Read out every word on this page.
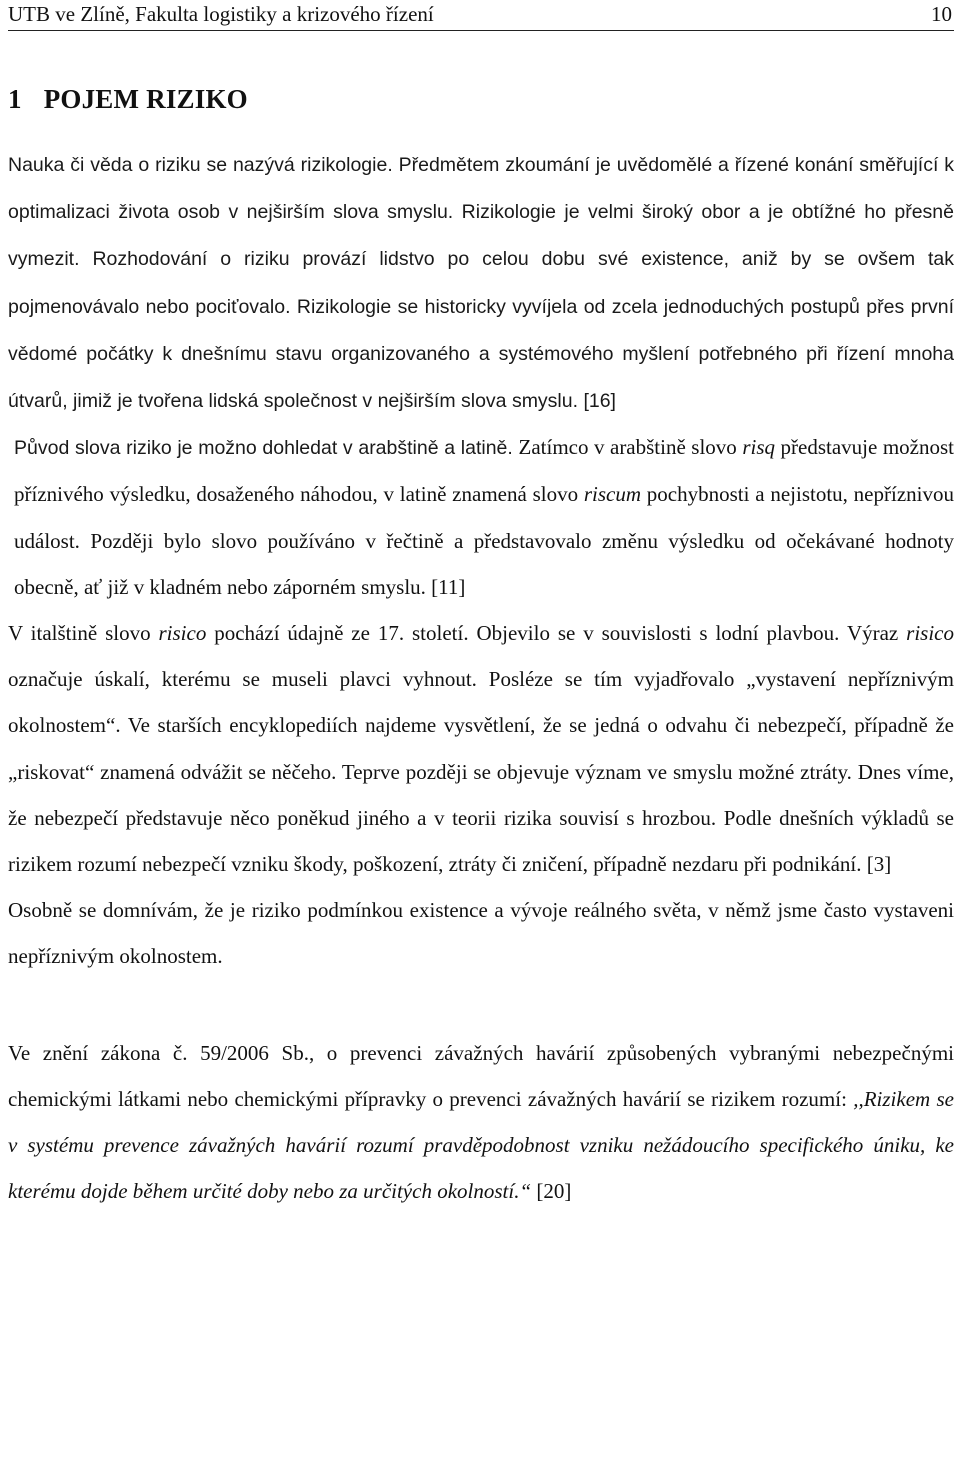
UTB ve Zlíně, Fakulta logistiky a krizového řízení	10
1 POJEM RIZIKO

Nauka či věda o riziku se nazývá rizikologie. Předmětem zkoumání je uvědomělé a řízené konání směřující k optimalizaci života osob v nejširším slova smyslu. Rizikologie je velmi široký obor a je obtížné ho přesně vymezit. Rozhodování o riziku provází lidstvo po celou dobu své existence, aniž by se ovšem tak pojmenovávalo nebo pociťovalo. Rizikologie se historicky vyvíjela od zcela jednoduchých postupů přes první vědomé počátky k dnešnímu stavu organizovaného a systémového myšlení potřebného při řízení mnoha útvarů, jimiž je tvořena lidská společnost v nejširším slova smyslu. [16]

Původ slova riziko je možno dohledat v arabštině a latině. Zatímco v arabštině slovo risq představuje možnost příznivého výsledku, dosaženého náhodou, v latině znamená slovo riscum pochybnosti a nejistotu, nepříznivou událost. Později bylo slovo používáno v řečtině a představovalo změnu výsledku od očekávané hodnoty obecně, ať již v kladném nebo záporném smyslu. [11]

V italštině slovo risico pochází údajně ze 17. století. Objevilo se v souvislosti s lodní plavbou. Výraz risico označuje úskalí, kterému se museli plavci vyhnout. Posléze se tím vyjadřovalo „vystavení nepříznivým okolnostem“. Ve starších encyklopediích najdeme vysvětlení, že se jedná o odvahu či nebezpečí, případně že „riskovat“ znamená odvážit se něčeho. Teprve později se objevuje význam ve smyslu možné ztráty. Dnes víme, že nebezpečí představuje něco poněkud jiného a v teorii rizika souvisí s hrozbou. Podle dnešních výkladů se rizikem rozumí nebezpečí vzniku škody, poškození, ztráty či zničení, případně nezdaru při podnikání. [3]

Osobně se domnívám, že je riziko podmínkou existence a vývoje reálného světa, v němž jsme často vystaveni nepříznivým okolnostem.

Ve znění zákona č. 59/2006 Sb., o prevenci závažných havárií způsobených vybranými nebezpečnými chemickými látkami nebo chemickými přípravky o prevenci závažných havárií se rizikem rozumí: ,,Rizikem se v systému prevence závažných havárií rozumí pravděpodobnost vzniku nežádoucího specifického úniku, ke kterému dojde během určité doby nebo za určitých okolností.“ [20]
